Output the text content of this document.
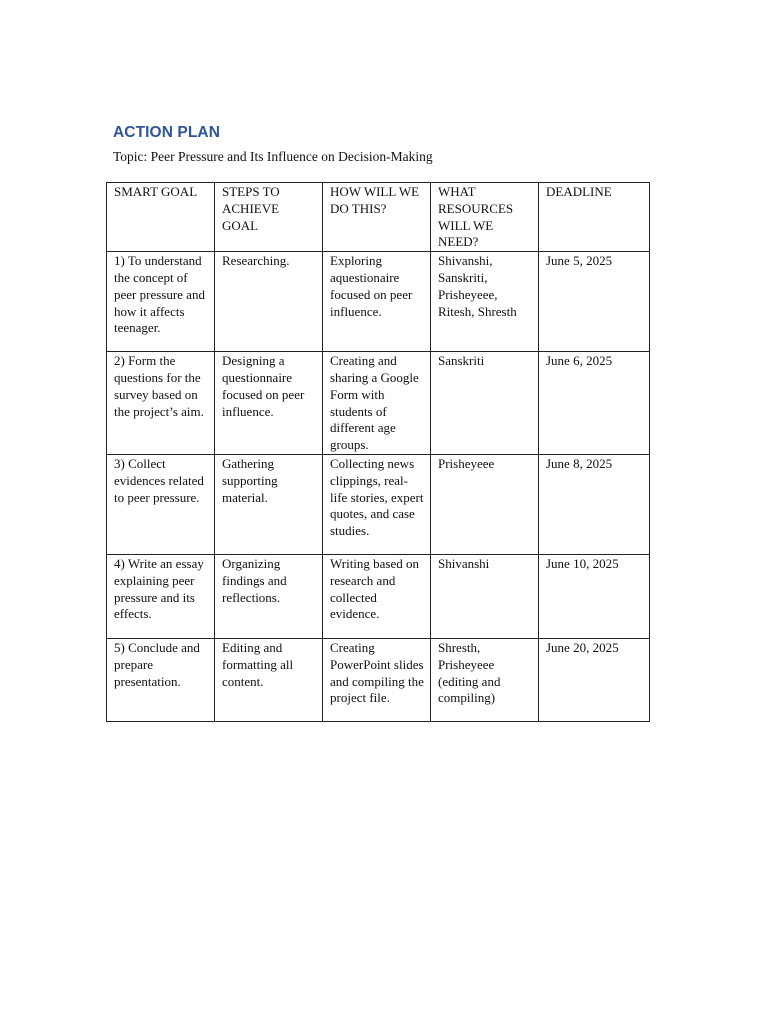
ACTION PLAN

Topic: Peer Pressure and Its Influence on Decision-Making

SMART GOAL	STEPS TO ACHIEVE GOAL	HOW WILL WE DO THIS?	WHAT RESOURCES WILL WE NEED?	DEADLINE

1) To understand the concept of peer pressure and how it affects teenager.	Researching.	Exploring aquestionaire focused on peer influence.	Shivanshi, Sanskriti, Prisheyeee, Ritesh, Shresth	June 5, 2025

2) Form the questions for the survey based on the project’s aim.	Designing a questionnaire focused on peer influence.	Creating and sharing a Google Form with students of different age groups.	Sanskriti	June 6, 2025

3) Collect evidences related to peer pressure.	Gathering supporting material.	Collecting news clippings, real-life stories, expert quotes, and case studies.	Prisheyeee	June 8, 2025

4) Write an essay explaining peer pressure and its effects.	Organizing findings and reflections.	Writing based on research and collected evidence.	Shivanshi	June 10, 2025

5) Conclude and prepare presentation.	Editing and formatting all content.	Creating PowerPoint slides and compiling the project file.	Shresth, Prisheyeee (editing and compiling)	June 20, 2025
